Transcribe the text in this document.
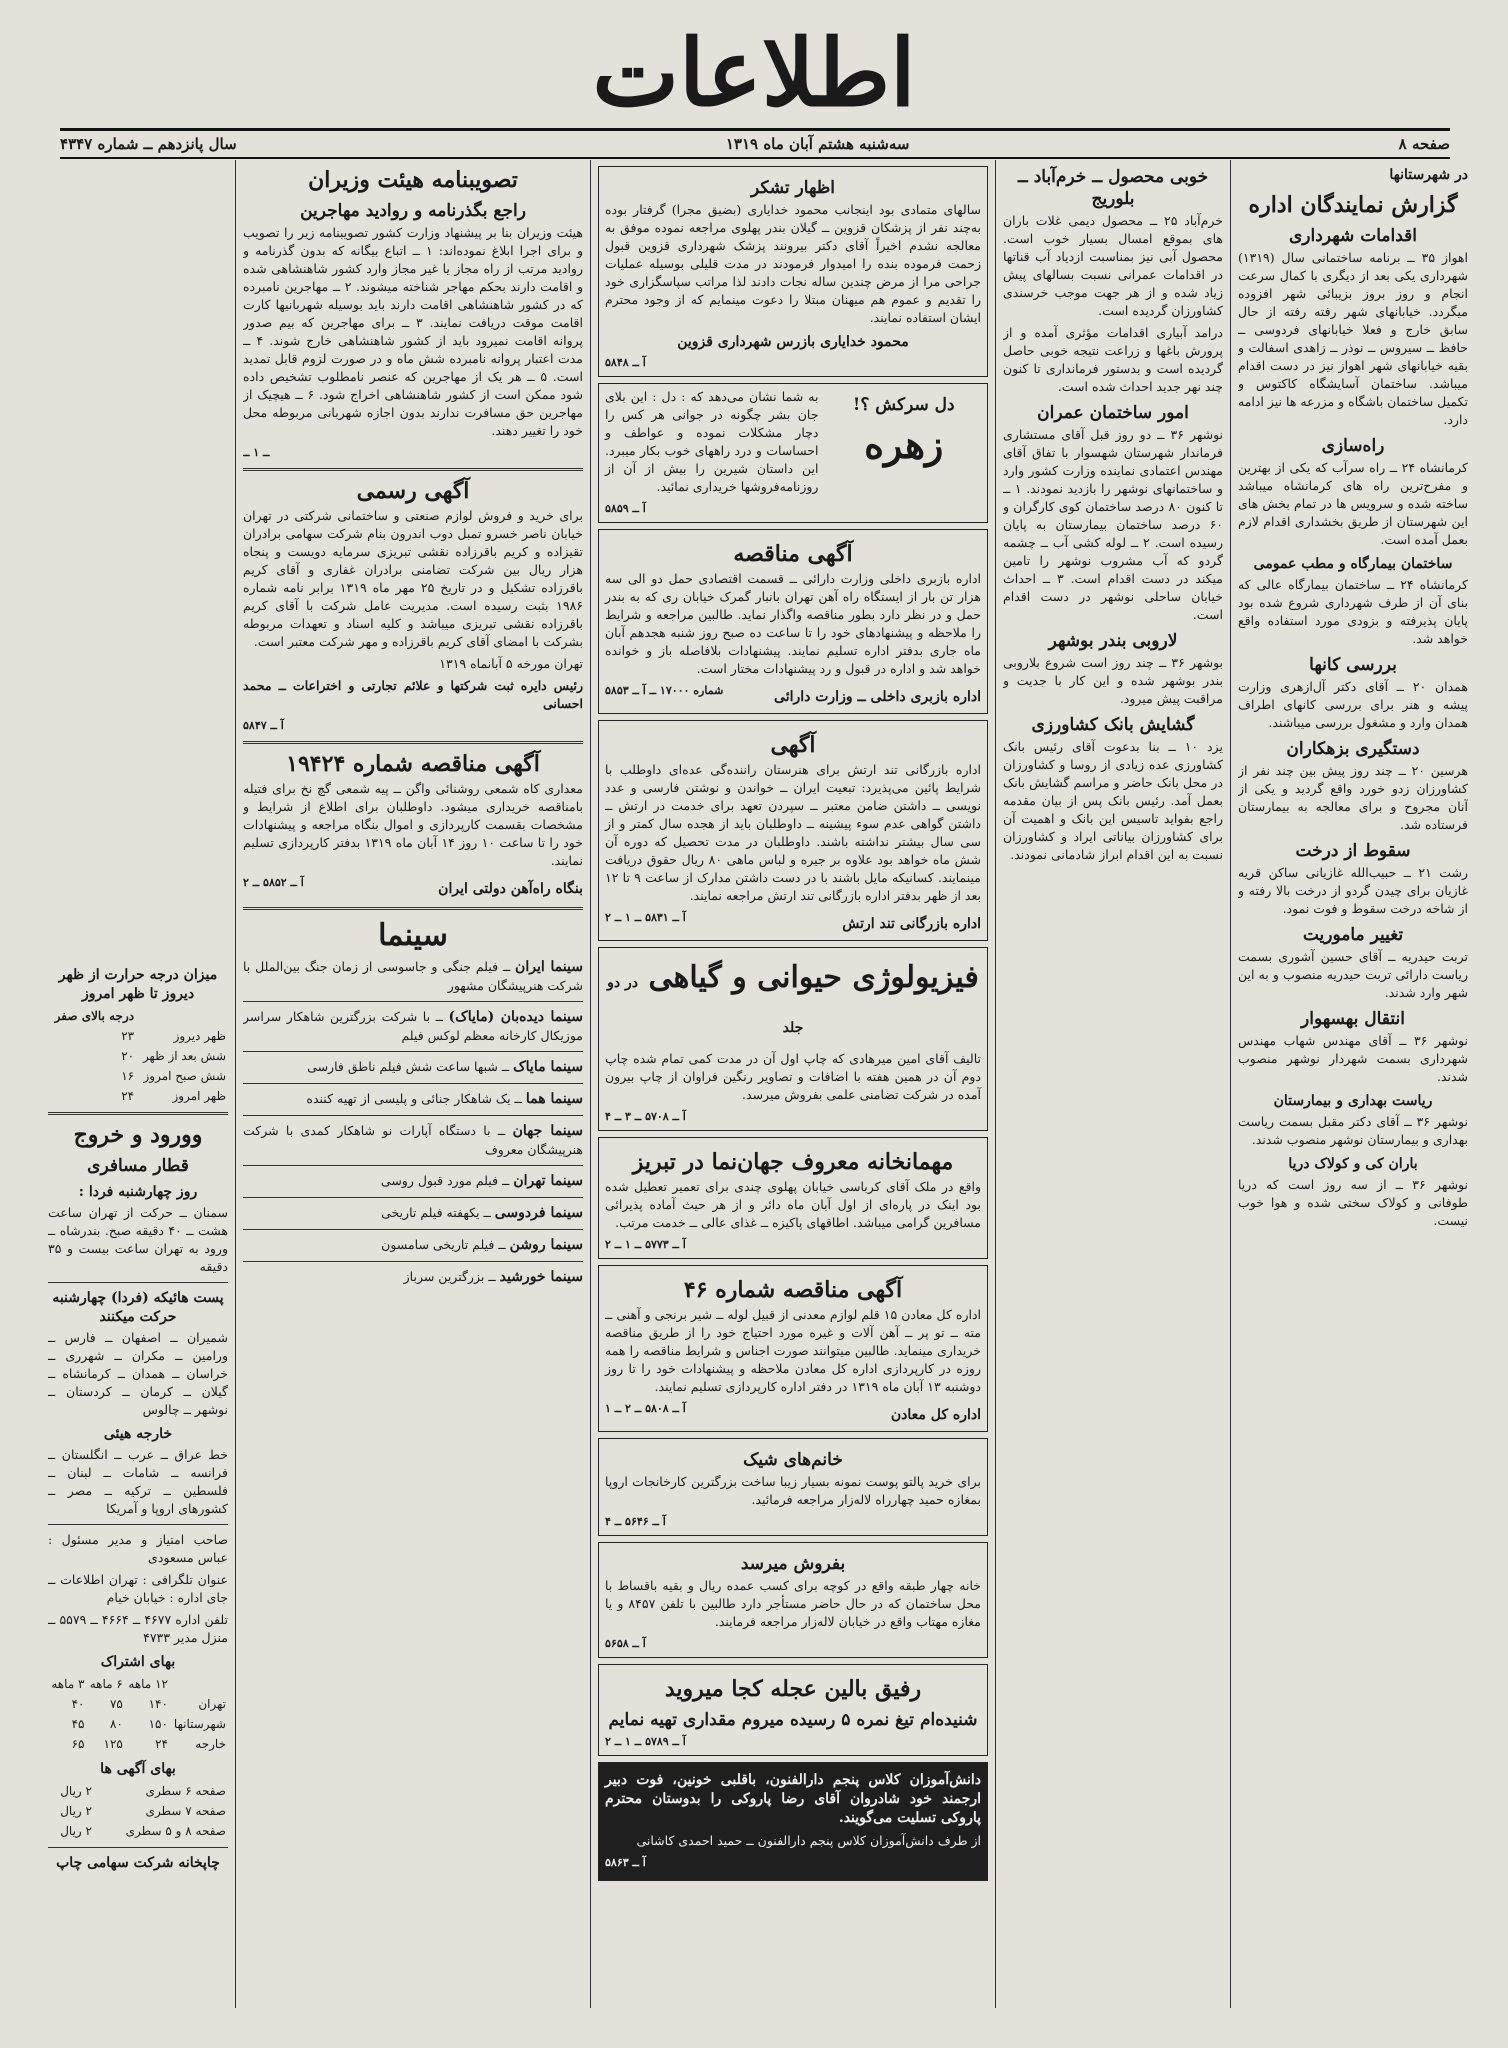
اطلاعات
صفحه ۸
سه‌شنبه هشتم آبان ماه ۱۳۱۹
سال پانزدهم ــ شماره ۴۳۴۷
در شهرستانها
گزارش نمایندگان اداره
اقدامات شهرداری

اهواز ۳۵ ــ برنامه ساختمانی سال (۱۳۱۹) شهرداری یکی بعد از دیگری با کمال سرعت انجام و روز بروز بزیبائی شهر افزوده میگردد. خیابانهای شهر رفته رفته از حال سابق خارج و فعلا خیابانهای فردوسی ــ حافظ ــ سیروس ــ نوذر ــ زاهدی اسفالت و بقیه خیابانهای شهر اهواز نیز در دست اقدام میباشد. ساختمان آسایشگاه کاکتوس و تکمیل ساختمان باشگاه و مزرعه ها نیز ادامه دارد.

راه‌سازی

کرمانشاه ۲۴ ــ راه سرآب که یکی از بهترین و مفرح‌ترین راه های کرمانشاه میباشد ساخته شده و سرویس ها در تمام بخش های این شهرستان از طریق بخشداری اقدام لازم بعمل آمده است.

ساختمان بیمارگاه و مطب عمومی

کرمانشاه ۲۴ ــ ساختمان بیمارگاه عالی که بنای آن از طرف شهرداری شروع شده بود پایان پذیرفته و بزودی مورد استفاده واقع خواهد شد.

بررسی کانها

همدان ۲۰ ــ آقای دکتر آل‌ازهری وزارت پیشه و هنر برای بررسی کانهای اطراف همدان وارد و مشغول بررسی میباشند.

دستگیری بزهکاران

هرسین ۲۰ ــ چند روز پیش بین چند نفر از کشاورزان زدو خورد واقع گردید و یکی از آنان مجروح و برای معالجه به بیمارستان فرستاده شد.

سقوط از درخت

رشت ۲۱ ــ حبیب‌الله غازیانی ساکن قریه غازیان برای چیدن گردو از درخت بالا رفته و از شاخه درخت سقوط و فوت نمود.

تغییر ماموریت

تربت حیدریه ــ آقای حسین آشوری بسمت ریاست دارائی تربت حیدریه منصوب و به این شهر وارد شدند.

انتقال بهسهوار

نوشهر ۳۶ ــ آقای مهندس شهاب مهندس شهرداری بسمت شهردار نوشهر منصوب شدند.

ریاست بهداری و بیمارستان

نوشهر ۳۶ ــ آقای دکتر مقبل بسمت ریاست بهداری و بیمارستان نوشهر منصوب شدند.

باران کی و کولاک دریا

نوشهر ۳۶ ــ از سه روز است که دریا طوفانی و کولاک سختی شده و هوا خوب نیست.

خوبی محصول ــ خرم‌آباد ــ بلوریج

خرم‌آباد ۲۵ ــ محصول دیمی غلات باران های بموقع امسال بسیار خوب است. محصول آبی نیز بمناسبت ازدیاد آب قناتها در اقدامات عمرانی نسبت بسالهای پیش زیاد شده و از هر جهت موجب خرسندی کشاورزان گردیده است.

درامد آبیاری اقدامات مؤثری آمده و از پرورش باغها و زراعت نتیجه خوبی حاصل گردیده است و بدستور فرمانداری تا کنون چند نهر جدید احداث شده است.

امور ساختمان عمران

نوشهر ۳۶ ــ دو روز قبل آقای مستشاری فرماندار شهرستان شهسوار با تفاق آقای مهندس اعتمادی نماینده وزارت کشور وارد و ساختمانهای نوشهر را بازدید نمودند. ۱ ــ تا کنون ۸۰ درصد ساختمان کوی کارگران و ۶۰ درصد ساختمان بیمارستان به پایان رسیده است. ۲ ــ لوله کشی آب ــ چشمه گردو که آب مشروب نوشهر را تامین میکند در دست اقدام است. ۳ ــ احداث خیابان ساحلی نوشهر در دست اقدام است.

لاروبی بندر بوشهر

بوشهر ۳۶ ــ چند روز است شروع بلاروبی بندر بوشهر شده و این کار با جدیت و مراقبت پیش میرود.

گشایش بانک کشاورزی

یزد ۱۰ ــ بنا بدعوت آقای رئیس بانک کشاورزی عده زیادی از روسا و کشاورزان در محل بانک حاضر و مراسم گشایش بانک بعمل آمد. رئیس بانک پس از بیان مقدمه راجع بفواید تاسیس این بانک و اهمیت آن برای کشاورزان بیاناتی ایراد و کشاورزان نسبت به این اقدام ابراز شادمانی نمودند.

اظهار تشکر

سالهای متمادی بود اینجانب محمود خدایاری (بضیق مجرا) گرفتار بوده به‌چند نفر از پزشکان قزوین ــ گیلان بندر پهلوی مراجعه نموده موفق به معالجه نشدم اخیراً آقای دکتر بیرونند پزشک شهرداری قزوین قبول زحمت فرموده بنده را امیدوار فرمودند در مدت قلیلی بوسیله عملیات جراحی مرا از مرض چندین ساله نجات دادند لذا مراتب سپاسگزاری خود را تقدیم و عموم هم میهنان مبتلا را دعوت مینمایم که از وجود محترم ایشان استفاده نمایند.

محمود خدایاری بازرس شهرداری قزوین
آ ــ ۵۸۴۸
دل سرکش ؟!
زهره

به شما نشان می‌دهد که : دل : این بلای جان بشر چگونه در جوانی هر کس را دچار مشکلات نموده و عواطف و احساسات و درد راههای خوب بکار میبرد. این داستان شیرین را بیش از آن از روزنامه‌فروشها خریداری نمائید.

آ ــ ۵۸۵۹
آگهی مناقصه

اداره بازبری داخلی وزارت دارائی ــ قسمت اقتصادی حمل دو الی سه هزار تن بار از ایستگاه راه آهن تهران بانبار گمرک خیابان ری که به بندر حمل و در نظر دارد بطور مناقصه واگذار نماید. طالبین مراجعه و شرایط را ملاحظه و پیشنهادهای خود را تا ساعت ده صبح روز شنبه هجدهم آبان ماه جاری بدفتر اداره تسلیم نمایند. پیشنهادات بلافاصله باز و خوانده خواهد شد و اداره در قبول و رد پیشنهادات مختار است.

اداره بازبری داخلی ــ وزارت دارائی
شماره ۱۷۰۰۰ ــ آ ــ ۵۸۵۳
آگهی

اداره بازرگانی تند ارتش برای هنرستان راننده‌گی عده‌ای داوطلب با شرایط پائین می‌پذیرد: تبعیت ایران ــ خواندن و نوشتن فارسی و عدد نویسی ــ داشتن ضامن معتبر ــ سپردن تعهد برای خدمت در ارتش ــ داشتن گواهی عدم سوء پیشینه ــ داوطلبان باید از هجده سال کمتر و از سی سال بیشتر نداشته باشند. داوطلبان در مدت تحصیل که دوره آن شش ماه خواهد بود علاوه بر جیره و لباس ماهی ۸۰ ریال حقوق دریافت مینمایند. کسانیکه مایل باشند با در دست داشتن مدارک از ساعت ۹ تا ۱۲ بعد از ظهر بدفتر اداره بازرگانی تند ارتش مراجعه نمایند.

اداره بازرگانی تند ارتش
آ ــ ۵۸۳۱ ــ ۱ ــ ۲
فیزیولوژی حیوانی و گیاهی در دو جلد

تالیف آقای امین میرهادی که چاپ اول آن در مدت کمی تمام شده چاپ دوم آن در همین هفته با اضافات و تصاویر رنگین فراوان از چاپ بیرون آمده در شرکت تضامنی علمی بفروش میرسد.

آ ــ ۵۷۰۸ ــ ۳ ــ ۴
مهمانخانه معروف جهان‌نما در تبریز

واقع در ملک آقای کرباسی خیابان پهلوی چندی برای تعمیر تعطیل شده بود اینک در پاره‌ای از اول آبان ماه دائر و از هر حیث آماده پذیرائی مسافرین گرامی میباشد. اطاقهای پاکیزه ــ غذای عالی ــ خدمت مرتب.

آ ــ ۵۷۷۳ ــ ۱ ــ ۲
آگهی مناقصه شماره ۴۶

اداره کل معادن ۱۵ قلم لوازم معدنی از قبیل لوله ــ شیر برنجی و آهنی ــ مته ــ تو پر ــ آهن آلات و غیره مورد احتیاج خود را از طریق مناقصه خریداری مینماید. طالبین میتوانند صورت اجناس و شرایط مناقصه را همه روزه در کارپردازی اداره کل معادن ملاحظه و پیشنهادات خود را تا روز دوشنبه ۱۳ آبان ماه ۱۳۱۹ در دفتر اداره کارپردازی تسلیم نمایند.

اداره کل معادن
آ ــ ۵۸۰۸ ــ ۲ ــ ۱
خانم‌های شیک

برای خرید پالتو پوست نمونه بسیار زیبا ساخت بزرگترین کارخانجات اروپا بمغازه حمید چهارراه لاله‌زار مراجعه فرمائید.

آ ــ ۵۶۴۶ ــ ۴
بفروش میرسد

خانه چهار طبقه واقع در کوچه برای کسب عمده ریال و بقیه باقساط با محل ساختمان که در حال حاضر مستأجر دارد طالبین با تلفن ۸۴۵۷ و یا مغازه مهتاب واقع در خیابان لاله‌زار مراجعه فرمایند.

آ ــ ۵۶۵۸
رفیق بالین عجله کجا میروید
شنیده‌ام تیغ نمره ۵ رسیده میروم مقداری تهیه نمایم
آ ــ ۵۷۸۹ ــ ۱ ــ ۲

دانش‌آموزان کلاس پنجم دارالفنون، باقلبی خونین، فوت دبیر ارجمند خود شادروان آقای رضا پاروکی را بدوستان محترم پاروکی تسلیت می‌گویند.

از طرف دانش‌آموزان کلاس پنجم دارالفنون ــ حمید احمدی کاشانی

آ ــ ۵۸۶۳
تصویبنامه هیئت وزیران
راجع بگذرنامه و رواديد مهاجرين

هیئت وزیران بنا بر پیشنهاد وزارت کشور تصویبنامه زیر را تصویب و برای اجرا ابلاغ نموده‌اند: ۱ ــ اتباع بیگانه که بدون گذرنامه و رواديد مرتب از راه مجاز یا غیر مجاز وارد کشور شاهنشاهی شده و اقامت دارند بحکم مهاجر شناخته میشوند. ۲ ــ مهاجرین نامبرده که در کشور شاهنشاهی اقامت دارند باید بوسیله شهربانیها کارت اقامت موقت دریافت نمایند. ۳ ــ برای مهاجرین که بیم صدور پروانه اقامت نمیرود باید از کشور شاهنشاهی خارج شوند. ۴ ــ مدت اعتبار پروانه نامبرده شش ماه و در صورت لزوم قابل تمدید است. ۵ ــ هر یک از مهاجرین که عنصر نامطلوب تشخیص داده شود ممکن است از کشور شاهنشاهی اخراج شود. ۶ ــ هیچیک از مهاجرین حق مسافرت ندارند بدون اجازه شهربانی مربوطه محل خود را تغییر دهند.

ــ ۱ ــ
آگهی رسمی

برای خرید و فروش لوازم صنعتی و ساختمانی شرکتی در تهران خیابان ناصر خسرو تمبل دوب اندرون بنام شرکت سهامی برادران تقیزاده و کریم باقرزاده نقشی تبریزی سرمایه دویست و پنجاه هزار ریال بین شرکت تضامنی برادران غفاری و آقای کریم باقرزاده تشکیل و در تاریخ ۲۵ مهر ماه ۱۳۱۹ برابر نامه شماره ۱۹۸۶ بثبت رسیده است. مدیریت عامل شرکت با آقای کریم باقرزاده نقشی تبریزی میباشد و کلیه اسناد و تعهدات مربوطه بشرکت با امضای آقای کریم باقرزاده و مهر شرکت معتبر است.

تهران مورخه ۵ آبانماه ۱۳۱۹

رئیس دایره ثبت شرکتها و علائم تجارتی و اختراعات ــ محمد احسانی

آ ــ ۵۸۴۷
آگهی مناقصه شماره ۱۹۴۲۴

معداری کاه شمعی روشنائی واگن ــ پیه شمعی گچ نخ برای فتیله بامناقصه خریداری میشود. داوطلبان برای اطلاع از شرایط و مشخصات بقسمت کارپردازی و اموال بنگاه مراجعه و پیشنهادات خود را تا ساعت ۱۰ روز ۱۴ آبان ماه ۱۳۱۹ بدفتر کارپردازی تسلیم نمایند.

بنگاه راه‌آهن دولتی ایران
آ ــ ۵۸۵۲ ــ ۲
سینما
سینما ایران ــ فیلم جنگی و جاسوسی از زمان جنگ بین‌الملل با شرکت هنرپیشگان مشهور
سینما دیده‌بان (مایاک) ــ با شرکت بزرگترین شاهکار سراسر موزیکال کارخانه معظم لوکس فیلم
سینما مایاک ــ شبها ساعت شش فیلم ناطق فارسی
سینما هما ــ یک شاهکار جنائی و پلیسی از تهیه کننده
سینما جهان ــ با دستگاه آپارات نو شاهکار کمدی با شرکت هنرپیشگان معروف
سینما تهران ــ فیلم مورد قبول روسی
سینما فردوسی ــ یکهفته فیلم تاریخی
سینما روشن ــ فیلم تاریخی سامسون
سینما خورشید ــ بزرگترین سرباز
میزان درجه حرارت از ظهر دیروز تا ظهر امروز
	درجه بالای صفر
ظهر دیروز	۲۳
شش بعد از ظهر	۲۰
شش صبح امروز	۱۶
ظهر امروز	۲۴
وورود و خروج
قطار مسافری
روز چهارشنبه فردا :

سمنان ــ حرکت از تهران ساعت هشت ــ ۴۰ دقیقه صبح. بندرشاه ــ ورود به تهران ساعت بیست و ۳۵ دقیقه

پست هائیکه (فردا) چهارشنبه حرکت میکنند

شمیران ــ اصفهان ــ فارس ــ ورامین ــ مکران ــ شهرری ــ خراسان ــ همدان ــ کرمانشاه ــ گیلان ــ کرمان ــ کردستان ــ نوشهر ــ چالوس

خارجه هیئی

خط عراق ــ عرب ــ انگلستان ــ فرانسه ــ شامات ــ لبنان ــ فلسطین ــ ترکیه ــ مصر ــ کشورهای اروپا و آمریکا

صاحب امتیاز و مدیر مسئول : عباس مسعودی

عنوان تلگرافی : تهران اطلاعات ــ جای اداره : خیابان خیام

تلفن اداره ۴۶۷۷ ــ ۴۶۶۴ ــ ۵۵۷۹ ــ منزل مدیر ۴۷۳۳

بهای اشتراک
	۱۲ ماهه	۶ ماهه	۳ ماهه
تهران	۱۴۰	۷۵	۴۰
شهرستانها	۱۵۰	۸۰	۴۵
خارجه	۲۴	۱۲۵	۶۵
بهای آگهی ها
صفحه ۶ سطری	۲ ریال
صفحه ۷ سطری	۲ ریال
صفحه ۸ و ۵ سطری	۲ ریال
چاپخانه شرکت سهامی چاپ
